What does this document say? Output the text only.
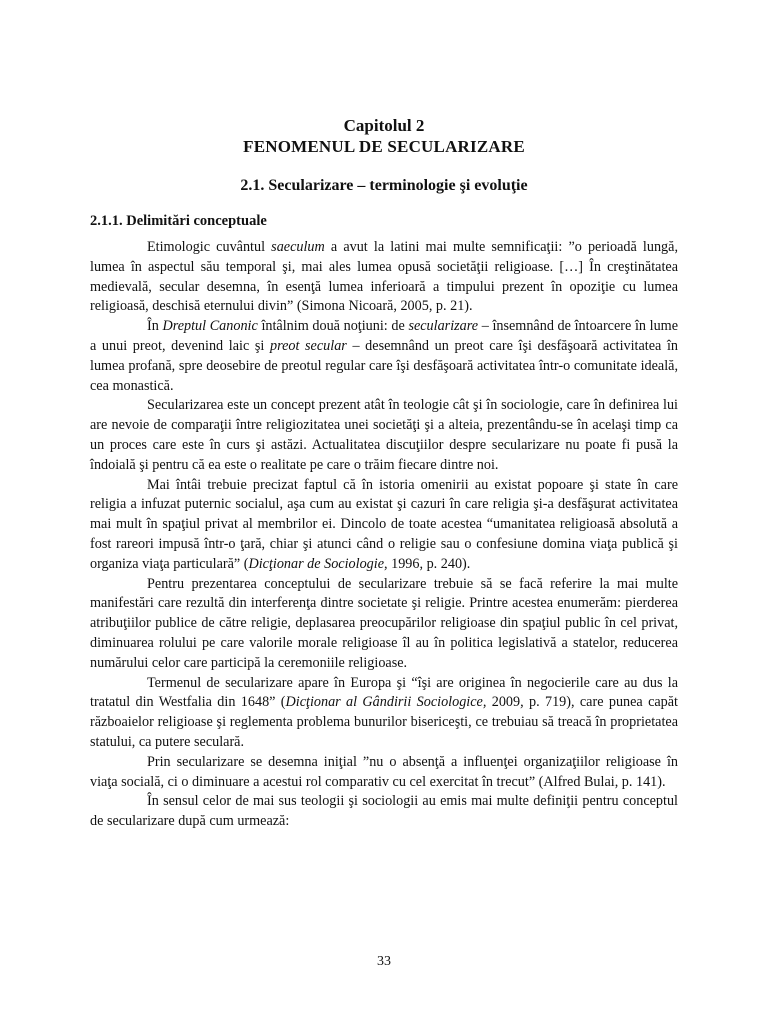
Capitolul 2
FENOMENUL DE SECULARIZARE
2.1. Secularizare – terminologie şi evoluţie
2.1.1. Delimitări conceptuale

Etimologic cuvântul saeculum a avut la latini mai multe semnificaţii: ”o perioadă lungă, lumea în aspectul său temporal şi, mai ales lumea opusă societăţii religioase. […] În creştinătatea medievală, secular desemna, în esenţă lumea inferioară a timpului prezent în opoziţie cu lumea religioasă, deschisă eternului divin” (Simona Nicoară, 2005, p. 21).

În Dreptul Canonic întâlnim două noţiuni: de secularizare – însemnând de întoarcere în lume a unui preot, devenind laic şi preot secular – desemnând un preot care îşi desfăşoară activitatea în lumea profană, spre deosebire de preotul regular care îşi desfăşoară activitatea într-o comunitate ideală, cea monastică.

Secularizarea este un concept prezent atât în teologie cât şi în sociologie, care în definirea lui are nevoie de comparaţii între religiozitatea unei societăţi şi a alteia, prezentându-se în acelaşi timp ca un proces care este în curs şi astăzi. Actualitatea discuţiilor despre secularizare nu poate fi pusă la îndoială şi pentru că ea este o realitate pe care o trăim fiecare dintre noi.

Mai întâi trebuie precizat faptul că în istoria omenirii au existat popoare şi state în care religia a infuzat puternic socialul, aşa cum au existat şi cazuri în care religia şi-a desfăşurat activitatea mai mult în spaţiul privat al membrilor ei. Dincolo de toate acestea “umanitatea religioasă absolută a fost rareori impusă într-o ţară, chiar şi atunci când o religie sau o confesiune domina viaţa publică şi organiza viaţa particulară” (Dicţionar de Sociologie, 1996, p. 240).

Pentru prezentarea conceptului de secularizare trebuie să se facă referire la mai multe manifestări care rezultă din interferenţa dintre societate şi religie. Printre acestea enumerăm: pierderea atribuţiilor publice de către religie, deplasarea preocupărilor religioase din spaţiul public în cel privat, diminuarea rolului pe care valorile morale religioase îl au în politica legislativă a statelor, reducerea numărului celor care participă la ceremoniile religioase.

Termenul de secularizare apare în Europa şi “îşi are originea în negocierile care au dus la tratatul din Westfalia din 1648” (Dicţionar al Gândirii Sociologice, 2009, p. 719), care punea capăt războaielor religioase şi reglementa problema bunurilor bisericeşti, ce trebuiau să treacă în proprietatea statului, ca putere seculară.

Prin secularizare se desemna iniţial ”nu o absenţă a influenţei organizaţiilor religioase în viaţa socială, ci o diminuare a acestui rol comparativ cu cel exercitat în trecut” (Alfred Bulai, p. 141).

În sensul celor de mai sus teologii şi sociologii au emis mai multe definiţii pentru conceptul de secularizare după cum urmează:

33
